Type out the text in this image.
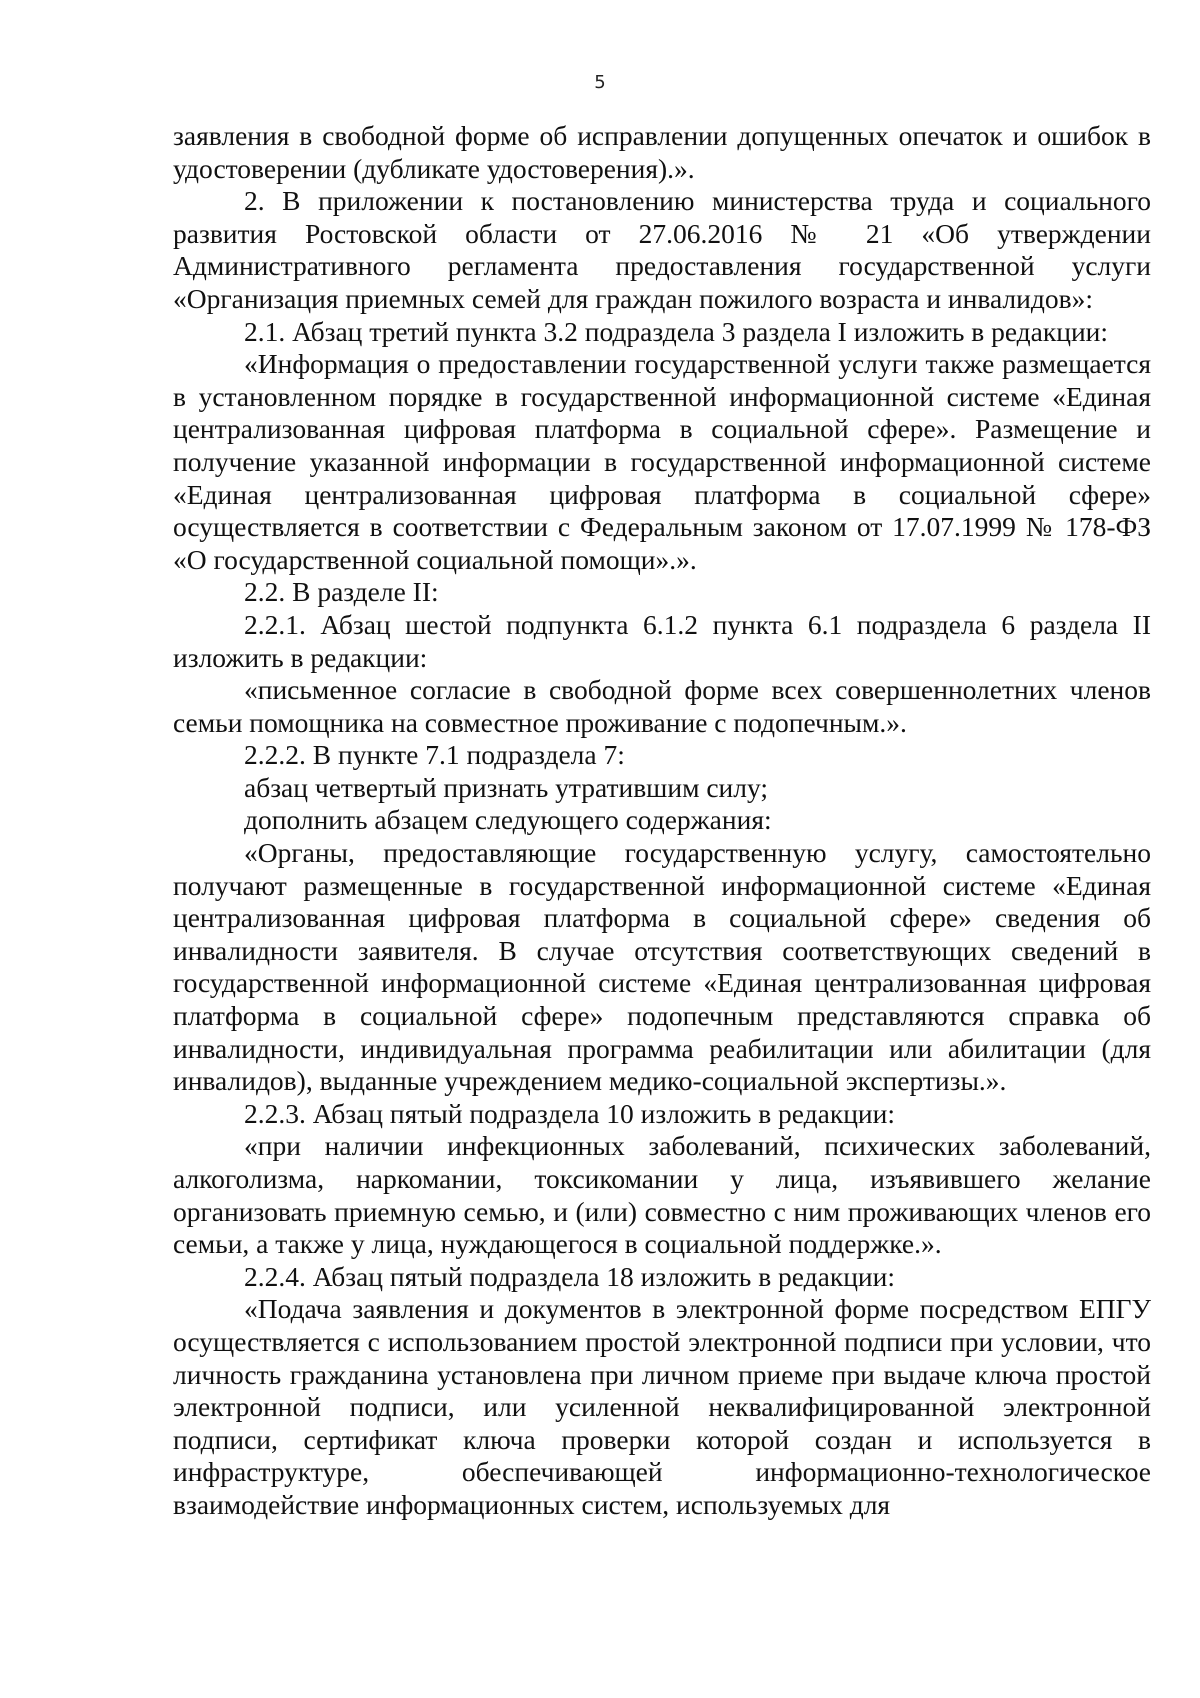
5

заявления в свободной форме об исправлении допущенных опечаток и ошибок в удостоверении (дубликате удостоверения).».

2. В приложении к постановлению министерства труда и социального развития Ростовской области от 27.06.2016 № 21 «Об утверждении Административного регламента предоставления государственной услуги «Организация приемных семей для граждан пожилого возраста и инвалидов»:

2.1. Абзац третий пункта 3.2 подраздела 3 раздела I изложить в редакции:

«Информация о предоставлении государственной услуги также размещается в установленном порядке в государственной информационной системе «Единая централизованная цифровая платформа в социальной сфере». Размещение и получение указанной информации в государственной информационной системе «Единая централизованная цифровая платформа в социальной сфере» осуществляется в соответствии с Федеральным законом от 17.07.1999 № 178-ФЗ «О государственной социальной помощи».».

2.2. В разделе II:

2.2.1. Абзац шестой подпункта 6.1.2 пункта 6.1 подраздела 6 раздела II изложить в редакции:

«письменное согласие в свободной форме всех совершеннолетних членов семьи помощника на совместное проживание с подопечным.».

2.2.2. В пункте 7.1 подраздела 7:

абзац четвертый признать утратившим силу;

дополнить абзацем следующего содержания:

«Органы, предоставляющие государственную услугу, самостоятельно получают размещенные в государственной информационной системе «Единая централизованная цифровая платформа в социальной сфере» сведения об инвалидности заявителя. В случае отсутствия соответствующих сведений в государственной информационной системе «Единая централизованная цифровая платформа в социальной сфере» подопечным представляются справка об инвалидности, индивидуальная программа реабилитации или абилитации (для инвалидов), выданные учреждением медико-социальной экспертизы.».

2.2.3. Абзац пятый подраздела 10 изложить в редакции:

«при наличии инфекционных заболеваний, психических заболеваний, алкоголизма, наркомании, токсикомании у лица, изъявившего желание организовать приемную семью, и (или) совместно с ним проживающих членов его семьи, а также у лица, нуждающегося в социальной поддержке.».

2.2.4. Абзац пятый подраздела 18 изложить в редакции:

«Подача заявления и документов в электронной форме посредством ЕПГУ осуществляется с использованием простой электронной подписи при условии, что личность гражданина установлена при личном приеме при выдаче ключа простой электронной подписи, или усиленной неквалифицированной электронной подписи, сертификат ключа проверки которой создан и используется в инфраструктуре, обеспечивающей информационно-технологическое взаимодействие информационных систем, используемых для
